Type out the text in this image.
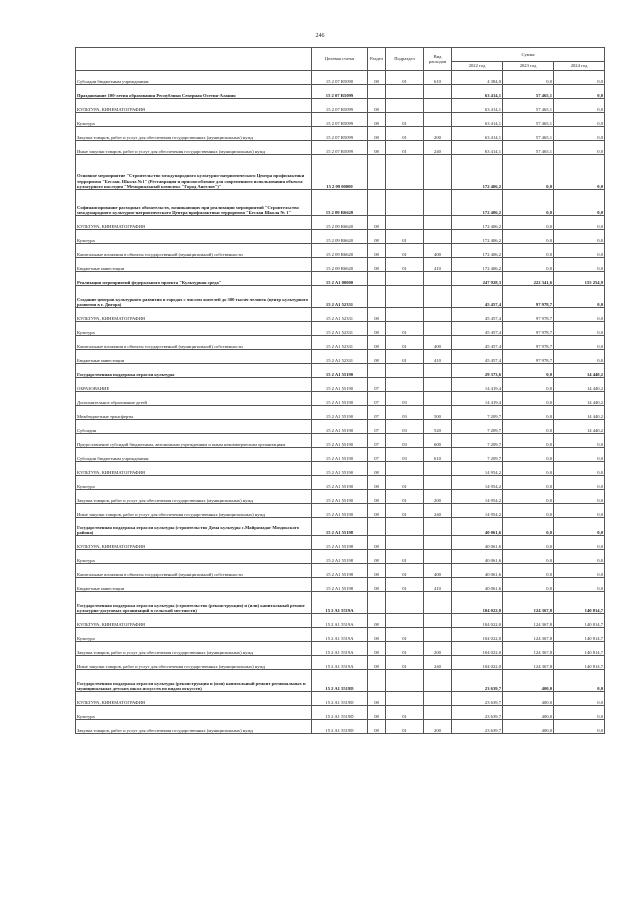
246
	Целевая статья	Раздел	Подраздел	Вид расходов	Сумма		
					2022 год	2023 год	2024 год
Субсидии бюджетным учреждениям	15 2 07 R5090	08	01	610	4 384,0	0,0	0,0
Празднование 100-летия образования Республики Северная Осетия-Алания	15 2 07 R5099				63 414,1	57 465,1	0,0
КУЛЬТУРА, КИНЕМАТОГРАФИЯ	15 2 07 R5099	08			63 414,1	57 465,1	0,0
Культура	15 2 07 R5099	08	01		63 414,1	57 465,1	0,0
Закупка товаров, работ и услуг для обеспечения государственных (муниципальных) нужд	15 2 07 R5099	08	01	200	63 414,1	57 465,1	0,0
Иные закупки товаров, работ и услуг для обеспечения государственных (муниципальных) нужд	15 2 07 R5099	08	01	240	63 414,1	57 465,1	0,0
Основное мероприятие "Строительство международного культурно-патриотического Центра профилактики терроризма "Беслан. Школа №1" (Реставрация и приспособление для современного использования объекта культурного наследия "Мемориальный комплекс "Город Ангелов")"	15 2 09 00000				172 406,2	0,0	0,0
Софинансирование расходных обязательств, возникающих при реализации мероприятий "Строительство международного культурно-патриотического Центра профилактики терроризма "Беслан Школа № 1"	15 2 09 R6620				172 406,2	0,0	0,0
КУЛЬТУРА, КИНЕМАТОГРАФИЯ	15 2 09 R6620	08			172 406,2	0,0	0,0
Культура	15 2 09 R6620	08	01		172 406,2	0,0	0,0
Капитальные вложения в объекты государственной (муниципальной) собственности	15 2 09 R6620	08	01	400	172 406,2	0,0	0,0
Бюджетные инвестиции	15 2 09 R6620	08	01	410	172 406,2	0,0	0,0
Реализация мероприятий федерального проекта "Культурная среда"	15 2 A1 00000				247 928,3	222 341,6	155 254,9
Создание центров культурного развития в городах с числом жителей до 300 тысяч человек (центр культурного развития в г. Дигора)	15 2 A1 52331				45 457,4	97 978,7	0,0
КУЛЬТУРА, КИНЕМАТОГРАФИЯ	15 2 A1 52331	08			45 457,4	97 978,7	0,0
Культура	15 2 A1 52331	08	01		45 457,4	97 978,7	0,0
Капитальные вложения в объекты государственной (муниципальной) собственности	15 2 A1 52331	08	01	400	45 457,4	97 978,7	0,0
Бюджетные инвестиции	15 2 A1 52331	08	01	410	45 457,4	97 978,7	0,0
Государственная поддержка отрасли культуры	15 2 A1 55190				29 373,6	0,0	14 440,2
ОБРАЗОВАНИЕ	15 2 A1 55190	07			14 419,4	0,0	14 440,2
Дополнительное образование детей	15 2 A1 55190	07	03		14 419,4	0,0	14 440,2
Межбюджетные трансферты	15 2 A1 55190	07	03	500	7 209,7	0,0	14 440,2
Субсидии	15 2 A1 55190	07	03	520	7 209,7	0,0	14 440,2
Предоставление субсидий бюджетным, автономным учреждениям и иным некоммерческим организациям	15 2 A1 55190	07	03	600	7 209,7	0,0	0,0
Субсидии бюджетным учреждениям	15 2 A1 55190	07	03	610	7 209,7	0,0	0,0
КУЛЬТУРА, КИНЕМАТОГРАФИЯ	15 2 A1 55190	08			14 954,2	0,0	0,0
Культура	15 2 A1 55190	08	01		14 954,2	0,0	0,0
Закупка товаров, работ и услуг для обеспечения государственных (муниципальных) нужд	15 2 A1 55190	08	01	200	14 954,2	0,0	0,0
Иные закупки товаров, работ и услуг для обеспечения государственных (муниципальных) нужд	15 2 A1 55190	08	01	240	14 954,2	0,0	0,0
Государственная поддержка отрасли культуры (строительство Дома культуры с.Майрамадаг Моздокского района)	15 2 A1 55198				40 061,6	0,0	0,0
КУЛЬТУРА, КИНЕМАТОГРАФИЯ	15 2 A1 55198	08			40 061,6	0,0	0,0
Культура	15 2 A1 55198	08	01		40 061,6	0,0	0,0
Капитальные вложения в объекты государственной (муниципальной) собственности	15 2 A1 55198	08	01	400	40 061,6	0,0	0,0
Бюджетные инвестиции	15 2 A1 55198	08	01	410	40 061,6	0,0	0,0
Государственная поддержка отрасли культуры (строительство (реконструкция) и (или) капитальный ремонт культурно-досуговых организаций в сельской местности)	15 2 A1 5519A				104 022,0	124 367,8	140 814,7
КУЛЬТУРА, КИНЕМАТОГРАФИЯ	15 2 A1 5519A	08			104 022,0	124 367,8	140 814,7
Культура	15 2 A1 5519A	08	01		104 022,0	124 367,8	140 814,7
Закупка товаров, работ и услуг для обеспечения государственных (муниципальных) нужд	15 2 A1 5519A	08	01	200	104 022,0	124 367,8	140 814,7
Иные закупки товаров, работ и услуг для обеспечения государственных (муниципальных) нужд	15 2 A1 5519A	08	01	240	104 022,0	124 367,8	140 814,7
Государственная поддержка отрасли культуры (реконструкция и (или) капитальный ремонт региональных и муниципальных детских школ искусств по видам искусств)	15 2 A1 5519D				23 639,7	400,0	0,0
КУЛЬТУРА, КИНЕМАТОГРАФИЯ	15 2 A1 5519D	08			23 639,7	400,0	0,0
Культура	15 2 A1 5519D	08	01		23 639,7	400,0	0,0
Закупка товаров, работ и услуг для обеспечения государственных (муниципальных) нужд	15 2 A1 5519D	08	01	200	23 639,7	400,0	0,0
